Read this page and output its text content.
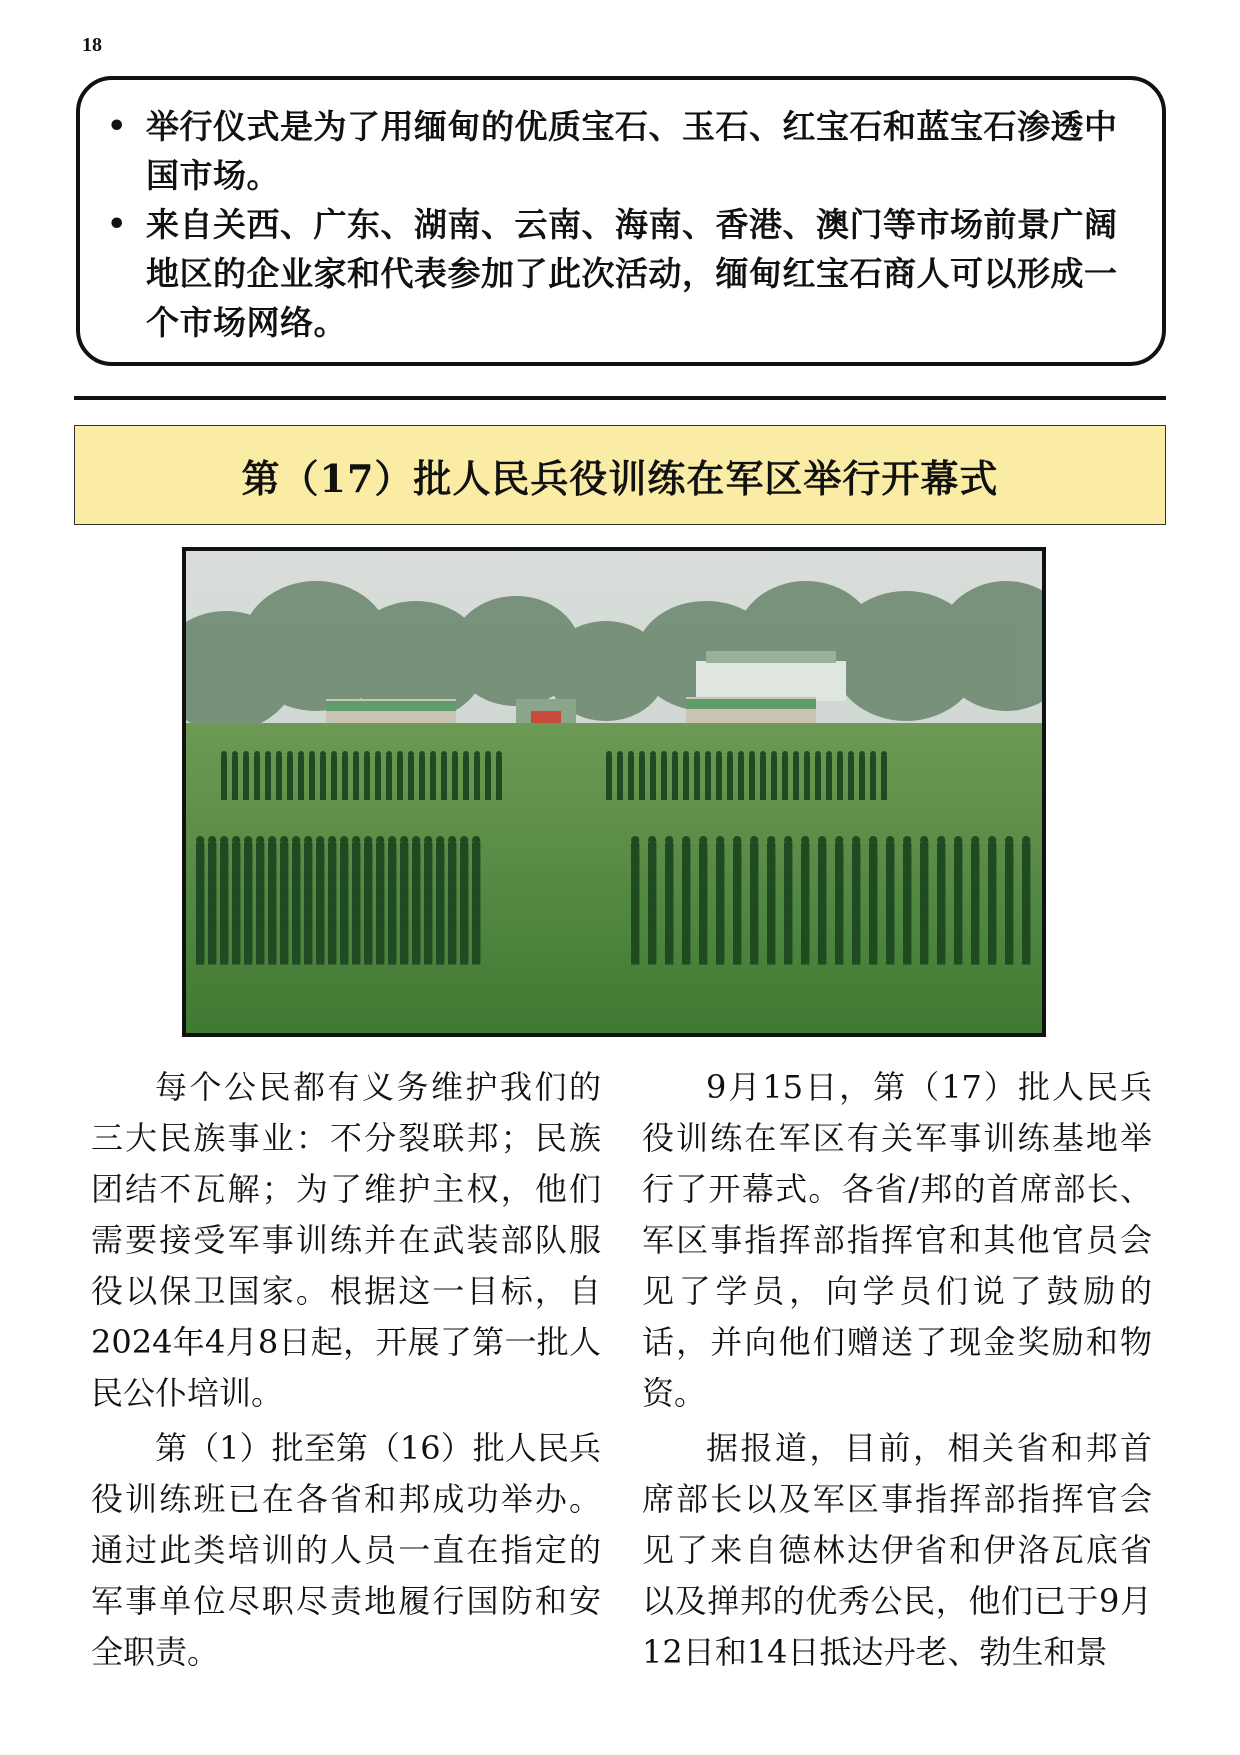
18
• 举行仪式是为了用缅甸的优质宝石、玉石、红宝石和蓝宝石渗透中国市场。
• 来自关西、广东、湖南、云南、海南、香港、澳门等市场前景广阔地区的企业家和代表参加了此次活动，缅甸红宝石商人可以形成一个市场网络。
第（17）批人民兵役训练在军区举行开幕式

每个公民都有义务维护我们的三大民族事业：不分裂联邦；民族团结不瓦解；为了维护主权，他们需要接受军事训练并在武装部队服役以保卫国家。根据这一目标，自2024年4月8日起，开展了第一批人民公仆培训。

第（1）批至第（16）批人民兵役训练班已在各省和邦成功举办。通过此类培训的人员一直在指定的军事单位尽职尽责地履行国防和安全职责。

9月15日，第（17）批人民兵役训练在军区有关军事训练基地举行了开幕式。各省/邦的首席部长、军区事指挥部指挥官和其他官员会见了学员，向学员们说了鼓励的话，并向他们赠送了现金奖励和物资。

据报道，目前，相关省和邦首席部长以及军区事指挥部指挥官会见了来自德林达伊省和伊洛瓦底省以及掸邦的优秀公民，他们已于9月12日和14日抵达丹老、勃生和景
